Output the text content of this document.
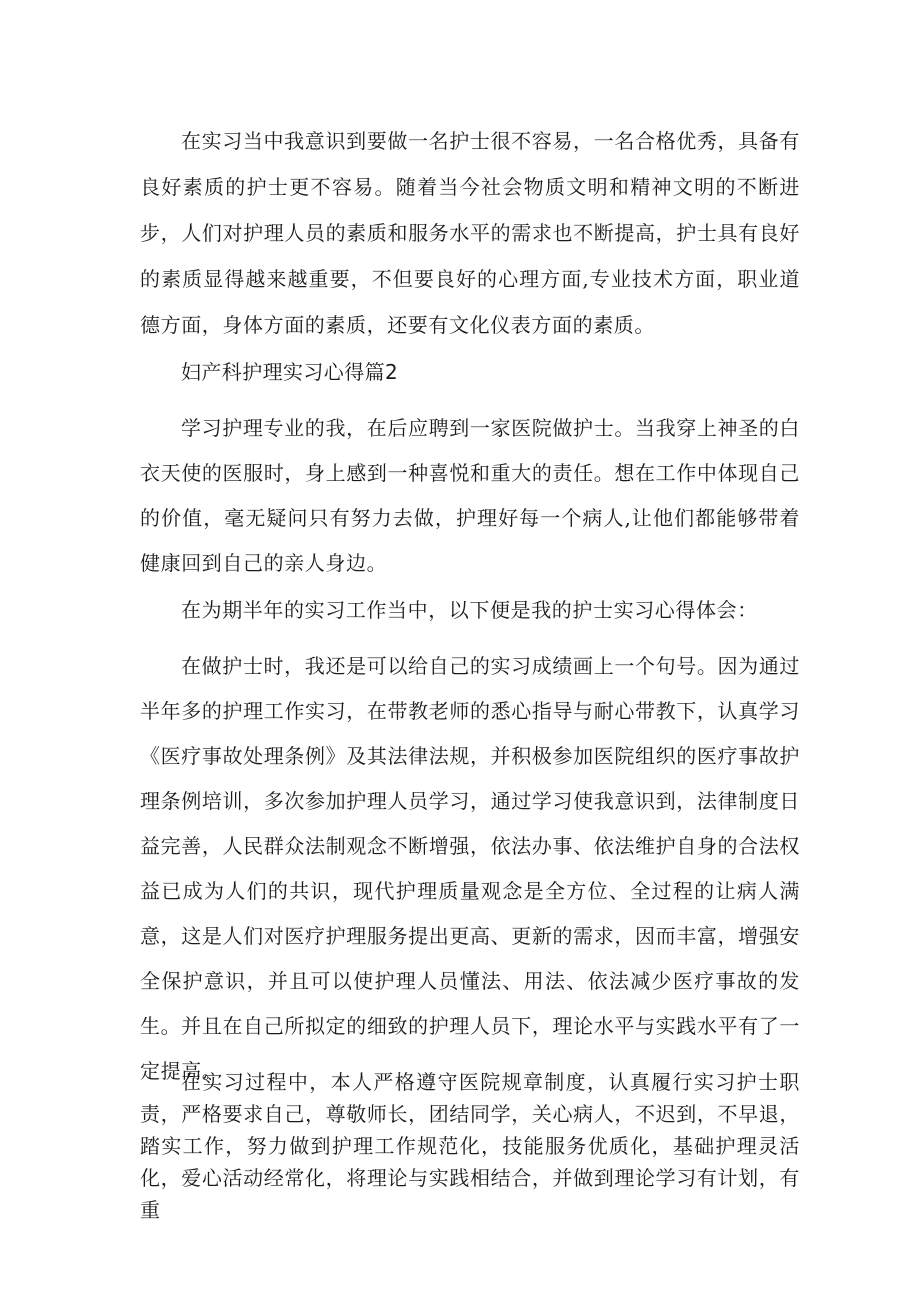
在实习当中我意识到要做一名护士很不容易，一名合格优秀，具备有良好素质的护士更不容易。随着当今社会物质文明和精神文明的不断进步，人们对护理人员的素质和服务水平的需求也不断提高，护士具有良好的素质显得越来越重要，不但要良好的心理方面,专业技术方面，职业道德方面，身体方面的素质，还要有文化仪表方面的素质。

妇产科护理实习心得篇2

学习护理专业的我，在后应聘到一家医院做护士。当我穿上神圣的白衣天使的医服时，身上感到一种喜悦和重大的责任。想在工作中体现自己的价值，毫无疑问只有努力去做，护理好每一个病人,让他们都能够带着健康回到自己的亲人身边。

在为期半年的实习工作当中，以下便是我的护士实习心得体会：

在做护士时，我还是可以给自己的实习成绩画上一个句号。因为通过半年多的护理工作实习，在带教老师的悉心指导与耐心带教下，认真学习《医疗事故处理条例》及其法律法规，并积极参加医院组织的医疗事故护理条例培训，多次参加护理人员学习，通过学习使我意识到，法律制度日益完善，人民群众法制观念不断增强，依法办事、依法维护自身的合法权益已成为人们的共识，现代护理质量观念是全方位、全过程的让病人满意，这是人们对医疗护理服务提出更高、更新的需求，因而丰富，增强安全保护意识，并且可以使护理人员懂法、用法、依法减少医疗事故的发生。并且在自己所拟定的细致的护理人员下，理论水平与实践水平有了一定提高。

在实习过程中，本人严格遵守医院规章制度，认真履行实习护士职责，严格要求自己，尊敬师长，团结同学，关心病人，不迟到，不早退，踏实工作，努力做到护理工作规范化，技能服务优质化，基础护理灵活化，爱心活动经常化，将理论与实践相结合，并做到理论学习有计划，有重
